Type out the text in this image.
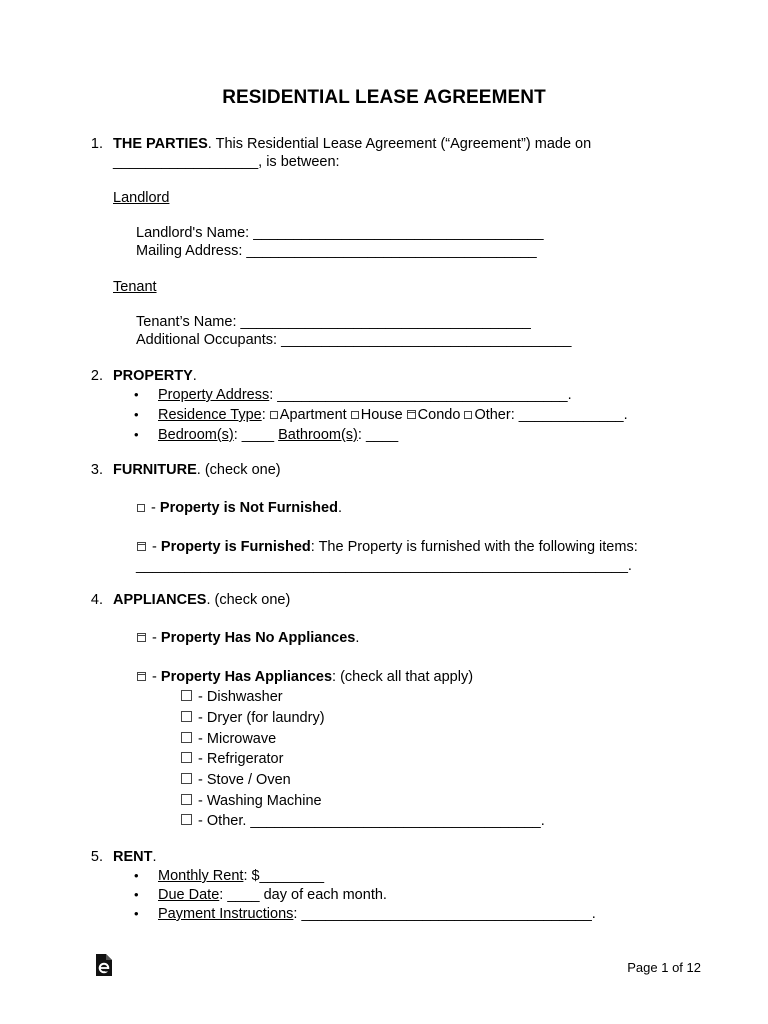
RESIDENTIAL LEASE AGREEMENT
1. THE PARTIES. This Residential Lease Agreement (“Agreement”) made on
__________________, is between:
Landlord
Landlord's Name: ____________________________________
Mailing Address: ____________________________________
Tenant
Tenant’s Name: ____________________________________
Additional Occupants: ____________________________________
2. PROPERTY.
• Property Address: ____________________________________.
• Residence Type: Apartment House Condo Other: _____________.
• Bedroom(s): ____ Bathroom(s): ____
3. FURNITURE. (check one)
- Property is Not Furnished.
- Property is Furnished: The Property is furnished with the following items:
_____________________________________________________________.
4. APPLIANCES. (check one)
- Property Has No Appliances.
- Property Has Appliances: (check all that apply)
- Dishwasher
- Dryer (for laundry)
- Microwave
- Refrigerator
- Stove / Oven
- Washing Machine
- Other. ____________________________________.
5. RENT.
• Monthly Rent: $________
• Due Date: ____ day of each month.
• Payment Instructions: ____________________________________.
Page 1 of 12
